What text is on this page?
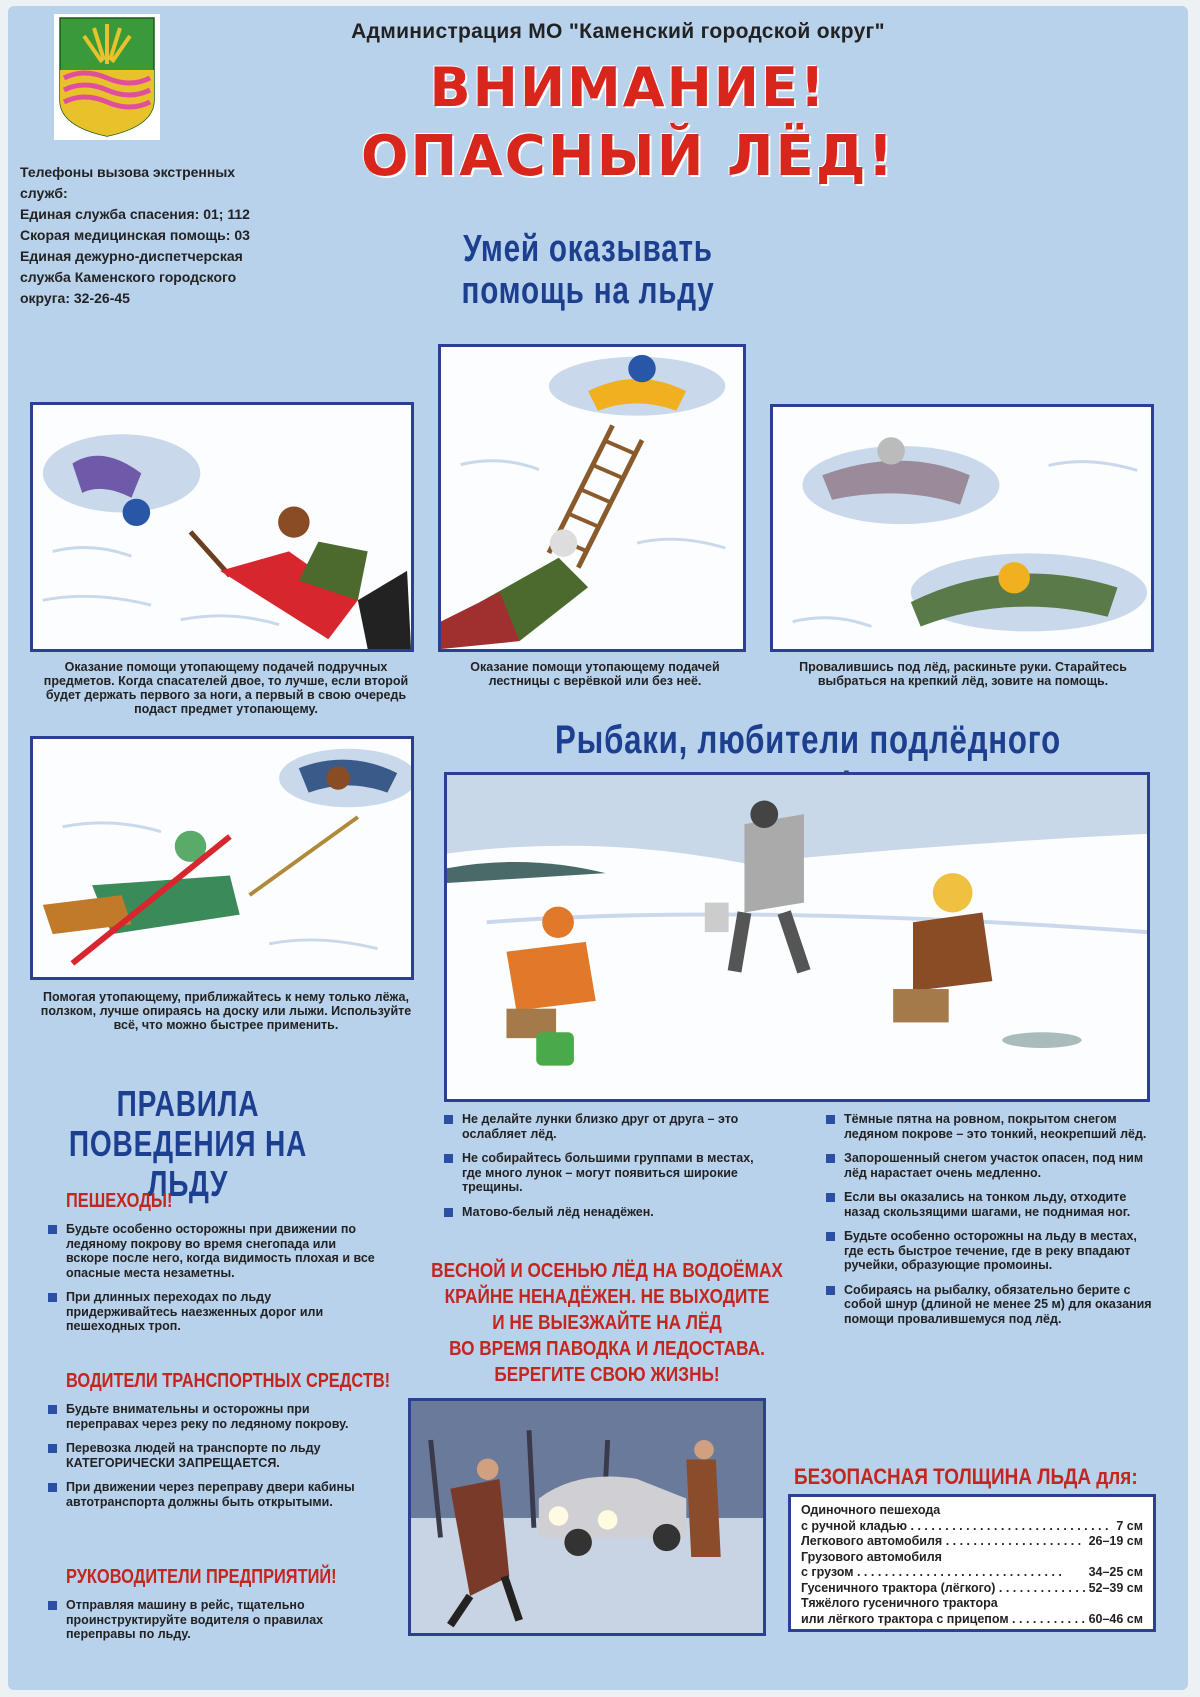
Администрация МО "Каменский городской округ"
ВНИМАНИЕ!
ОПАСНЫЙ ЛЁД!
Телефоны вызова экстренных
служб:
Единая служба спасения: 01; 112
Скорая медицинская помощь: 03
Единая дежурно-диспетчерская
служба Каменского городского
округа: 32-26-45
Умей оказывать помощь на льду
Оказание помощи утопающему подачей подручных предметов. Когда спасателей двое, то лучше, если второй будет держать первого за ноги, а первый в свою очередь подаст предмет утопающему.
Оказание помощи утопающему подачей лестницы с верёвкой или без неё.
Провалившись под лёд, раскиньте руки. Старайтесь выбраться на крепкий лёд, зовите на помощь.
Помогая утопающему, приближайтесь к нему только лёжа, ползком, лучше опираясь на доску или лыжи. Используйте всё, что можно быстрее применить.
Рыбаки, любители подлёдного
Не делайте лунки близко друг от друга – это ослабляет лёд.
Не собирайтесь большими группами в местах, где много лунок – могут появиться широкие трещины.
Матово-белый лёд ненадёжен.
Тёмные пятна на ровном, покрытом снегом ледяном покрове – это тонкий, неокрепший лёд.
Запорошенный снегом участок опасен, под ним лёд нарастает очень медленно.
Если вы оказались на тонком льду, отходите назад скользящими шагами, не поднимая ног.
Будьте особенно осторожны на льду в местах, где есть быстрое течение, где в реку впадают ручейки, образующие промоины.
Собираясь на рыбалку, обязательно берите с собой шнур (длиной не менее 25 м) для оказания помощи провалившемуся под лёд.
ПРАВИЛА ПОВЕДЕНИЯ НА ЛЬДУ
ПЕШЕХОДЫ!
Будьте особенно осторожны при движении по ледяному покрову во время снегопада или вскоре после него, когда видимость плохая и все опасные места незаметны.
При длинных переходах по льду придерживайтесь наезженных дорог или пешеходных троп.
ВОДИТЕЛИ ТРАНСПОРТНЫХ СРЕДСТВ!
Будьте внимательны и осторожны при переправах через реку по ледяному покрову.
Перевозка людей на транспорте по льду КАТЕГОРИЧЕСКИ ЗАПРЕЩАЕТСЯ.
При движении через переправу двери кабины автотранспорта должны быть открытыми.
РУКОВОДИТЕЛИ ПРЕДПРИЯТИЙ!
Отправляя машину в рейс, тщательно проинструктируйте водителя о правилах переправы по льду.
ВЕСНОЙ И ОСЕНЬЮ ЛЁД НА ВОДОЁМАХ
КРАЙНЕ НЕНАДЁЖЕН. НЕ ВЫХОДИТЕ
И НЕ ВЫЕЗЖАЙТЕ НА ЛЁД
ВО ВРЕМЯ ПАВОДКА И ЛЕДОСТАВА.
БЕРЕГИТЕ СВОЮ ЖИЗНЬ!
БЕЗОПАСНАЯ ТОЛЩИНА ЛЬДА для:
Одиночного пешехода
с ручной кладью . . .	7 см
Легкового автомобиля . . .	26–19 см
Грузового автомобиля
с грузом . . .	34–25 см
Гусеничного трактора (лёгкого) . . .	52–39 см
Тяжёлого гусеничного трактора
или лёгкого трактора с прицепом . . .	60–46 см
